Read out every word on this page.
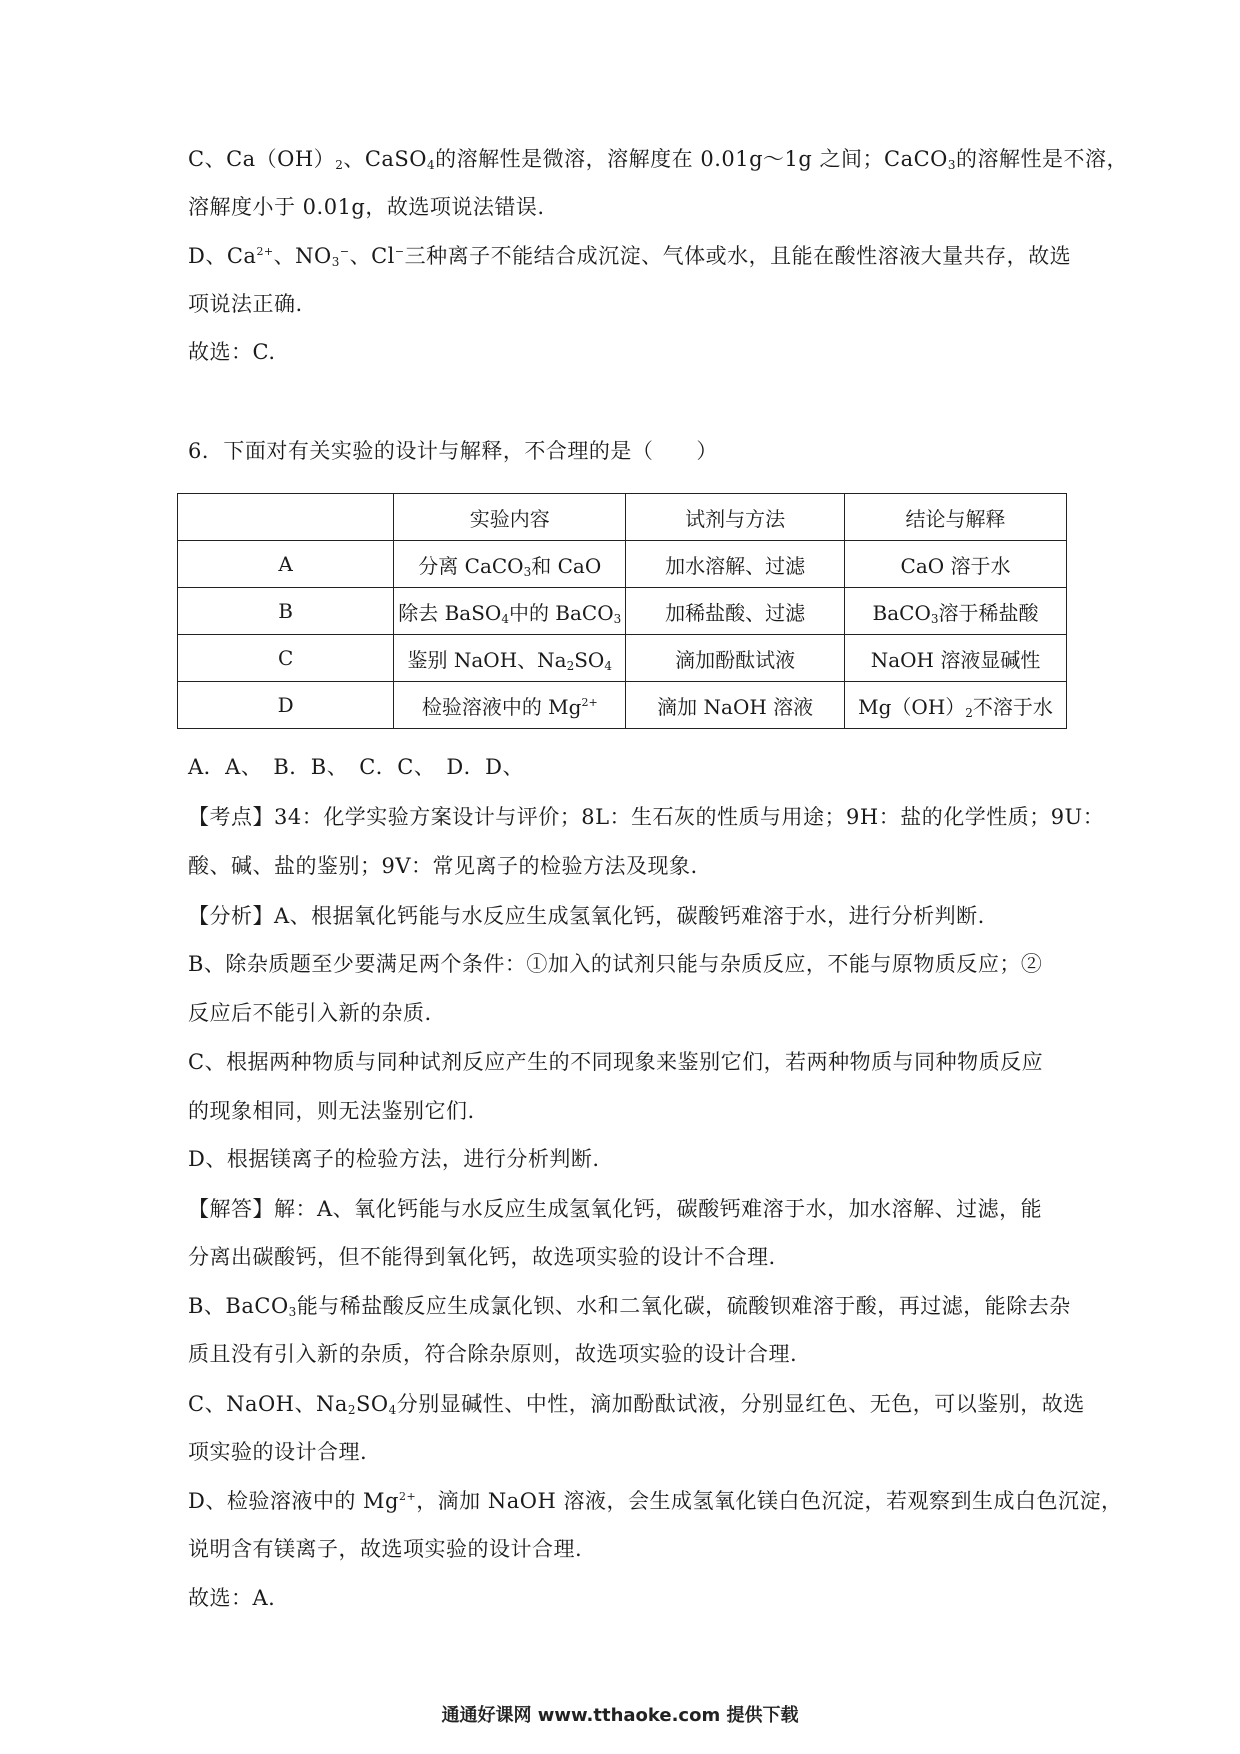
C、$Ca(OH)_2$、CaSO$_4$的溶解性是微溶，溶解度在 0.01g～1g 之间；CaCO$_3$的溶解性是不溶，
溶解度小于 0.01g，故选项说法错误.
D、$Ca^{2+}$、$NO_3^-$、Cl−三种离子不能结合成沉淀、气体或水，且能在酸性溶液大量共存，故选
项说法正确.
故选：C.
6．下面对有关实验的设计与解释，不合理的是（　　）
	实验内容	试剂与方法	结论与解释
A	分离 CaCO$_3$和 CaO	加水溶解、过滤	CaO 溶于水
B	除去 BaSO$_4$中的 BaCO$_3$	加稀盐酸、过滤	BaCO$_3$溶于稀盐酸
C	鉴别 NaOH、$Na_2SO_4$	滴加酚酞试液	NaOH 溶液显碱性
D	检验溶液中的 $Mg^{2+}$	滴加 NaOH 溶液	$Mg(OH)_2$不溶于水
A．A、　B．B、　C．C、　D．D、
【考点】34：化学实验方案设计与评价；8L：生石灰的性质与用途；9H：盐的化学性质；9U：
酸、碱、盐的鉴别；9V：常见离子的检验方法及现象.
【分析】A、根据氧化钙能与水反应生成氢氧化钙，碳酸钙难溶于水，进行分析判断.
B、除杂质题至少要满足两个条件：①加入的试剂只能与杂质反应，不能与原物质反应；②
反应后不能引入新的杂质.
C、根据两种物质与同种试剂反应产生的不同现象来鉴别它们，若两种物质与同种物质反应
的现象相同，则无法鉴别它们.
D、根据镁离子的检验方法，进行分析判断.
【解答】解：A、氧化钙能与水反应生成氢氧化钙，碳酸钙难溶于水，加水溶解、过滤，能
分离出碳酸钙，但不能得到氧化钙，故选项实验的设计不合理.
B、BaCO$_3$能与稀盐酸反应生成氯化钡、水和二氧化碳，硫酸钡难溶于酸，再过滤，能除去杂
质且没有引入新的杂质，符合除杂原则，故选项实验的设计合理.
C、NaOH、$Na_2SO_4$分别显碱性、中性，滴加酚酞试液，分别显红色、无色，可以鉴别，故选
项实验的设计合理.
D、检验溶液中的 $Mg^{2+}$，滴加 NaOH 溶液，会生成氢氧化镁白色沉淀，若观察到生成白色沉淀，
说明含有镁离子，故选项实验的设计合理.
故选：A.
通通好课网 www.tthaoke.com 提供下载
